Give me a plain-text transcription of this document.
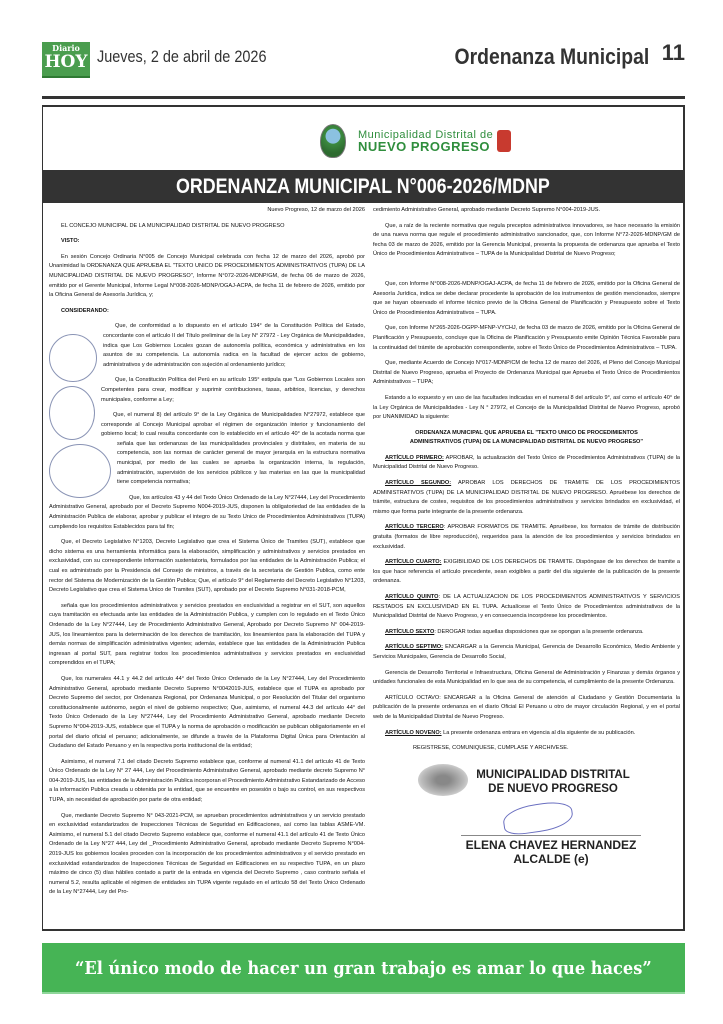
Diario
HOY Jueves, 2 de abril de 2026	Ordenanza Municipal 11
Municipalidad Distrital de
NUEVO PROGRESO
ORDENANZA MUNICIPAL N°006-2026/MDNP

Nuevo Progreso, 12 de marzo del 2026

EL CONCEJO MUNICIPAL DE LA MUNICIPALIDAD DISTRITAL DE NUEVO PROGRESO

VISTO:

En sesión Concejo Ordinaria N°005 de Concejo Municipal celebrada con fecha 12 de marzo del 2026, aprobó por Unanimidad la ORDENANZA QUE APRUEBA EL "TEXTO UNICO DE PROCEDIMIENTOS ADMINISTRATIVOS (TUPA) DE LA MUNICIPALIDAD DISTRITAL DE NUEVO PROGRESO", Informe N°072-2026-MDNP/GM, de fecha 06 de marzo de 2026, emitido por el Gerente Municipal, Informe Legal N°008-2026-MDNP/OGAJ-ACPA, de fecha 11 de febrero de 2026, emitido por la Oficina General de Asesoría Jurídica, y;

CONSIDERANDO:

Que, de conformidad a lo dispuesto en el artículo 194° de la Constitución Política del Estado, concordante con el artículo II del Título preliminar de la Ley N° 27972 - Ley Orgánica de Municipalidades, indica que Los Gobiernos Locales gozan de autonomía política, económica y administrativa en los asuntos de su competencia. La autonomía radica en la facultad de ejercer actos de gobierno, administrativos y de administración con sujeción al ordenamiento jurídico;

Que, la Constitución Política del Perú en su artículo 195° estipula que "Los Gobiernos Locales son Competentes para crear, modificar y suprimir contribuciones, tasas, arbitrios, licencias, y derechos municipales, conforme a Ley;

Que, el numeral 8) del artículo 9° de la Ley Orgánica de Municipalidades N°27972, establece que corresponde al Concejo Municipal aprobar el régimen de organización interior y funcionamiento del gobierno local; lo cual resulta concordante con lo establecido en el artículo 40° de la acotada norma que señala que las ordenanzas de las municipalidades provinciales y distritales, en materia de su competencia, son las normas de carácter general de mayor jerarquía en la estructura normativa municipal, por medio de las cuales se aprueba la organización interna, la regulación, administración, supervisión de los servicios públicos y las materias en las que la municipalidad tiene competencia normativa;

Que, los artículos 43 y 44 del Texto Único Ordenado de la Ley N°27444, Ley del Procedimiento Administrativo General, aprobado por el Decreto Supremo N004-2019-JUS, disponen la obligatoriedad de las entidades de la Administración Publica de elaborar, aprobar y publicar el integro de su Texto Unico de Procedimientos Administrativos (TUPA) cumpliendo los requisitos Establecidos para tal fin;

Que, el Decreto Legislativo N°1203, Decreto Legislativo que crea el Sistema Único de Tramites (SUT), establece que dicho sistema es una herramienta informática para la elaboración, simplificación y administrativos y servicios prestados en exclusividad, con su correspondiente información sustentatoria, formulados por las entidades de la Administración Publica; el cual es administrado por la Presidencia del Consejo de ministros, a través de la secretaria de Gestión Publica, como ente rector del Sistema de Modernización de la Gestión Publica; Que, el artículo 9° del Reglamento del Decreto Legislativo N°1203, Decreto Legislativo que crea el Sistema Unico de Tramites (SUT), aprobado por el Decreto Supremo N°031-2018-PCM,

señala que los procedimientos administrativos y servicios prestados en exclusividad a registrar en el SUT, son aquellos cuya tramitación es efectuada ante las entidades de la Administración Publica, y cumplen con lo regulado en el Texto Único Ordenado de la Ley N°27444, Ley de Procedimiento Administrativo General, Aprobado por Decreto Supremo N° 004-2019-JUS, los lineamientos para la determinación de los derechos de tramitación, los lineamientos para la elaboración del TUPA y demás normas de simplificación administrativa vigentes; además, establece que las entidades de la Administración Publica ingresan al portal SUT, para registrar todos los procedimientos administrativos y servicios prestados en exclusividad comprendidos en el TUPA;

Que, los numerales 44.1 y 44.2 del artículo 44° del Texto Único Ordenado de la Ley N°27444, Ley del Procedimiento Administrativo General, aprobado mediante Decreto Supremo N°0042019-JUS, establece que el TUPA es aprobado por Decreto Supremo del sector, por Ordenanza Regional, por Ordenanza Municipal, o por Resolución del Titular del organismo constitucionalmente autónomo, según el nivel de gobierno respectivo; Que, asimismo, el numeral 44.3 del artículo 44° del Texto Único Ordenado de la Ley N°27444, Ley del Procedimiento Administrativo General, aprobado mediante Decreto Supremo N°004-2019-JUS, establece que el TUPA y la norma de aprobación o modificación se publican obligatoriamente en el portal del diario oficial el peruano; adicionalmente, se difunde a través de la Plataforma Digital Única para Orientación al Ciudadano del Estado Peruano y en la respectiva porta institucional de la entidad;

Asimismo, el numeral 7.1 del citado Decreto Supremo establece que, conforme al numeral 41.1 del artículo 41 de Texto Único Ordenado de la Ley N° 27 444, Ley del Procedimiento Administrativo General, aprobado mediante decreto Supremo N° 004-2019-JUS, las entidades de la Administración Publica incorporan el Procedimiento Administrativo Estandarizado de Acceso a la información Publica creada u obtenida por la entidad, que se encuentre en posesión o bajo su control, en sus respectivos TUPA, sin necesidad de aprobación por parte de otra entidad;

Que, mediante Decreto Supremo N° 043-2021-PCM, se aprueban procedimientos administrativos y un servicio prestado en exclusividad estandarizados de Inspecciones Técnicas de Seguridad en Edificaciones, así como las tablas ASME-VM. Asimismo, el numeral 5.1 del citado Decreto Supremo establece que, conforme el numeral 41.1 del artículo 41 de Texto Único Ordenado de la Ley N°27 444, Ley del _Procedimiento Administrativo General, aprobado mediante Decreto Supremo N°004-2019-JUS los gobiernos locales proceden con la incorporación de los procedimientos administrativos y el servicio prestado en exclusividad estandarizados de Inspecciones Técnicas de Seguridad en Edificaciones en su respectivo TUPA, en un plazo máximo de cinco (5) días hábiles contado a partir de la entrada en vigencia del Decreto Supremo , caso contrario señala el numeral 5.2, resulta aplicable el régimen de entidades sin TUPA vigente regulado en el artículo 58 del Texto Único Ordenado de la Ley N°27444, Ley del Pro-

cedimiento Administrativo General, aprobado mediante Decreto Supremo N°004-2019-JUS.

Que, a raíz de la reciente normativa que regula preceptos administrativos innovadores, se hace necesario la emisión de una nueva norma que regule el procedimiento administrativo sancionador, que, con Informe N°72-2026-MDNP/GM de fecha 03 de marzo de 2026, emitido por la Gerencia Municipal, presenta la propuesta de ordenanza que aprueba el Texto Único de Procedimientos Administrativos – TUPA de la Municipalidad Distrital de Nuevo Progreso;

Que, con Informe N°008-2026-MDNP/OGAJ-ACPA, de fecha 11 de febrero de 2026, emitido por la Oficina General de Asesoría Jurídica, indica se debe declarar procedente la aprobación de los instrumentos de gestión mencionados, siempre que se hayan observado el informe técnico previo de la Oficina General de Planificación y Presupuesto sobre el Texto Único de Procedimientos Administrativos – TUPA.

Que, con Informe N°265-2026-OGPP-MFNP-VYCHJ, de fecha 03 de marzo de 2026, emitido por la Oficina General de Planificación y Presupuesto, concluye que la Oficina de Planificación y Presupuesto emite Opinión Técnica Favorable para la continuidad del trámite de aprobación correspondiente, sobre el Texto Único de Procedimientos Administrativos – TUPA.

Que, mediante Acuerdo de Concejo N°017-MDNP/CM de fecha 12 de marzo del 2026, el Pleno del Concejo Municipal Distrital de Nuevo Progreso, aprueba el Proyecto de Ordenanza Municipal que Aprueba el Texto Único de Procedimientos Administrativos – TUPA;

Estando a lo expuesto y en uso de las facultades indicadas en el numeral 8 del artículo 9°, así como el artículo 40° de la Ley Orgánica de Municipalidades - Ley N ° 27972, el Concejo de la Municipalidad Distrital de Nuevo Progreso, aprobó por UNANIMIDAD la siguiente:

ORDENANZA MUNICIPAL QUE APRUEBA EL "TEXTO UNICO DE PROCEDIMIENTOS ADMINISTRATIVOS (TUPA) DE LA MUNICIPALIDAD DISTRITAL DE NUEVO PROGRESO"

ARTÍCULO PRIMERO: APROBAR, la actualización del Texto Único de Procedimientos Administrativos (TUPA) de la Municipalidad Distrital de Nuevo Progreso.

ARTÍCULO SEGUNDO: APROBAR LOS DERECHOS DE TRAMITE DE LOS PROCEDIMIENTOS ADMINISTRATIVOS (TUPA) DE LA MUNICIPALIDAD DISTRITAL DE NUEVO PROGRESO. Apruébese los derechos de trámite, estructura de costes, requisitos de los procedimientos administrativos y servicios brindados en exclusividad, el mismo que forma parte integrante de la presente ordenanza.

ARTÍCULO TERCERO: APROBAR FORMATOS DE TRAMITE. Apruébese, los formatos de trámite de distribución gratuita (formatos de libre reproducción), requeridos para la atención de los procedimientos y servicios brindados en exclusividad.

ARTÍCULO CUARTO: EXIGIBILIDAD DE LOS DERECHOS DE TRAMITE. Dispóngase de los derechos de tramite a los que hace referencia el artículo precedente, sean exigibles a partir del día siguiente de la publicación de la presente ordenanza.

ARTÍCULO QUINTO: DE LA ACTUALIZACION DE LOS PROCEDIMIENTOS ADMINISTRATIVOS Y SERVICIOS RESTADOS EN EXCLUSIVIDAD EN EL TUPA. Actualícese el Texto Único de Procedimientos administrativos de la Municipalidad Distrital de Nuevo Progreso, y en consecuencia incorpórese los procedimientos.

ARTÍCULO SEXTO: DEROGAR todas aquellas disposiciones que se opongan a la presente ordenanza.

ARTÍCULO SEPTIMO: ENCARGAR a la Gerencia Municipal, Gerencia de Desarrollo Económico, Medio Ambiente y Servicios Municipales, Gerencia de Desarrollo Social,

Gerencia de Desarrollo Territorial e Infraestructura, Oficina General de Administración y Finanzas y demás órganos y unidades funcionales de esta Municipalidad en lo que sea de su competencia, el cumplimiento de la presente Ordenanza.

ARTÍCULO OCTAVO: ENCARGAR a la Oficina General de atención al Ciudadano y Gestión Documentaria la publicación de la presente ordenanza en el diario Oficial El Peruano u otro de mayor circulación Regional, y en el portal web de la Municipalidad Distrital de Nuevo Progreso.

ARTÍCULO NOVENO: La presente ordenanza entrara en vigencia al día siguiente de su publicación.

REGISTRESE, COMUNIQUESE, CUMPLASE Y ARCHIVESE.

MUNICIPALIDAD DISTRITAL
DE NUEVO PROGRESO
ELENA CHAVEZ HERNANDEZ
ALCALDE (e)
“El único modo de hacer un gran trabajo es amar lo que haces”
